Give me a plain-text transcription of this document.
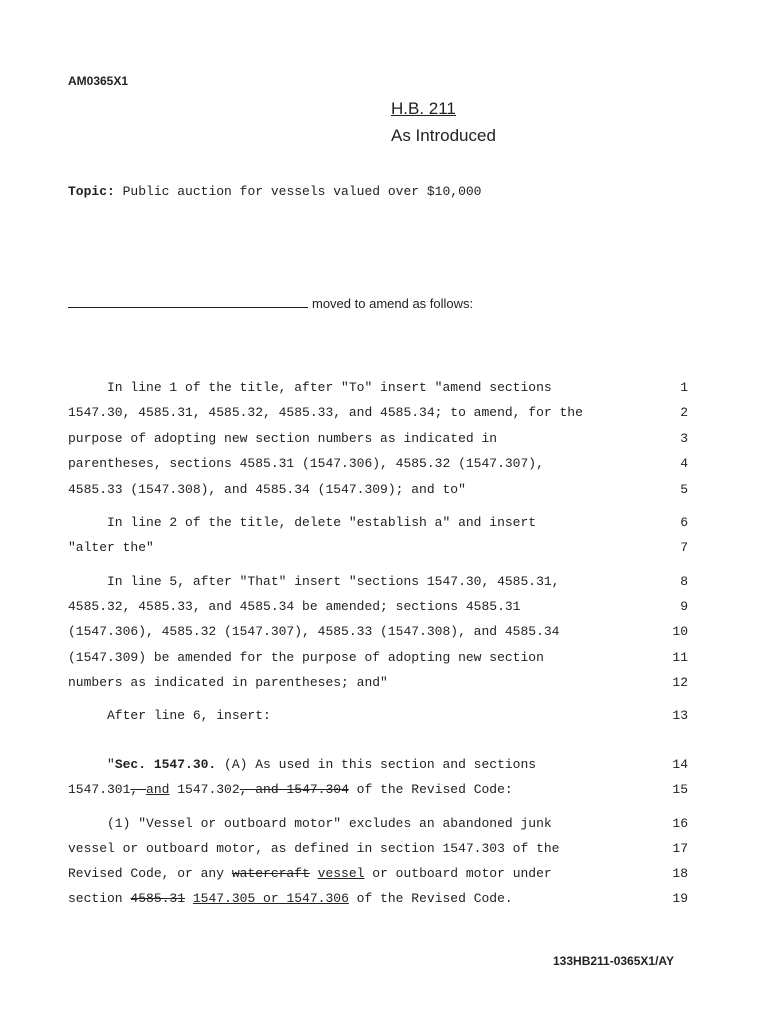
AM0365X1
H.B. 211
As Introduced
Topic: Public auction for vessels valued over $10,000
moved to amend as follows:
In line 1 of the title, after "To" insert "amend sections	1
1547.30, 4585.31, 4585.32, 4585.33, and 4585.34; to amend, for the	2
purpose of adopting new section numbers as indicated in	3
parentheses, sections 4585.31 (1547.306), 4585.32 (1547.307),	4
4585.33 (1547.308), and 4585.34 (1547.309); and to"	5
In line 2 of the title, delete "establish a" and insert	6
"alter the"	7
In line 5, after "That" insert "sections 1547.30, 4585.31,	8
4585.32, 4585.33, and 4585.34 be amended; sections 4585.31	9
(1547.306), 4585.32 (1547.307), 4585.33 (1547.308), and 4585.34	10
(1547.309) be amended for the purpose of adopting new section	11
numbers as indicated in parentheses; and"	12
After line 6, insert:	13
"Sec. 1547.30. (A) As used in this section and sections	14
1547.301, and 1547.302, and 1547.304 of the Revised Code:	15
(1) "Vessel or outboard motor" excludes an abandoned junk	16
vessel or outboard motor, as defined in section 1547.303 of the	17
Revised Code, or any watercraft vessel or outboard motor under	18
section 4585.31 1547.305 or 1547.306 of the Revised Code.	19
133HB211-0365X1/AY
